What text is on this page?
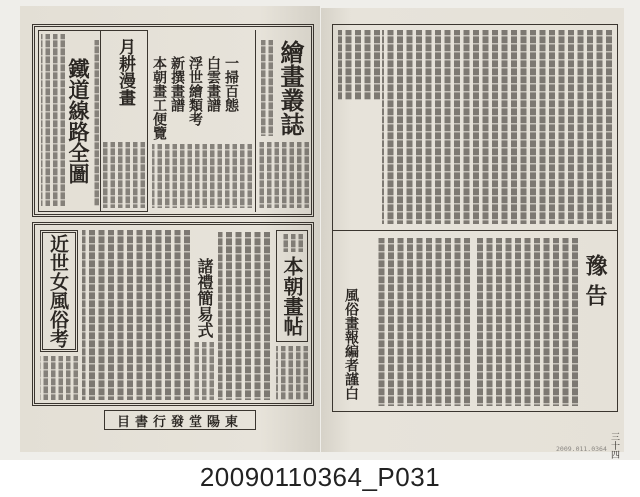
鐵道線路全圖 月耕漫畫	一掃百態
白雲畫譜
浮世繪類考
新撰畫譜
本朝畫工便覽	繪畫叢誌
近世女風俗考	諸禮簡易式	本朝畫帖
東陽堂發行書目
豫告
風俗畫報編者謹白
三十四
2009.011.0364
20090110364_P031
